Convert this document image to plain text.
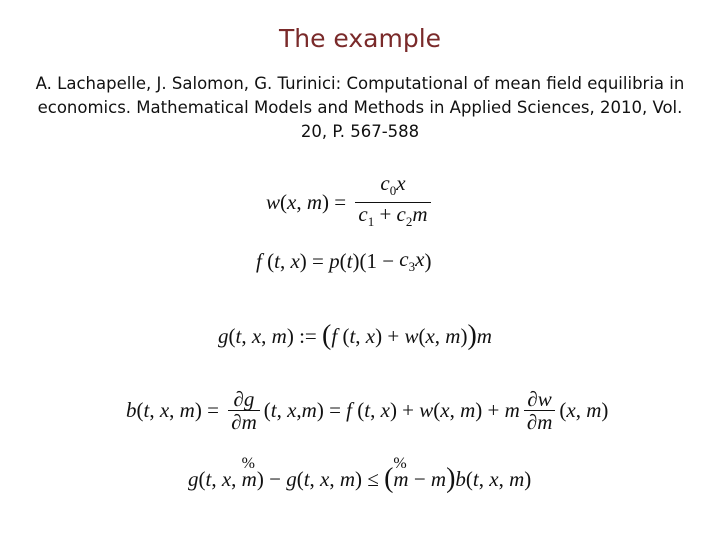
The example
A. Lachapelle, J. Salomon, G. Turinici: Computational of mean field equilibria in economics. Mathematical Models and Methods in Applied Sciences, 2010, Vol. 20, P. 567-588
w ( x , m ) = $\frac{c_0x}{c_1 + c_2m}$
f ( t , x ) = p ( t )($1 - c_3x$ )
g ( t , x , m ) := ( f ( t , x ) + w ( x , m ) ) m
b ( t , x , m ) = $\frac{\partial g}{\partial m}$ ( t , x , m ) = f ( t , x ) + w ( x , m ) + m $\frac{\partial w}{\partial m}$ ( x , m )
g ( t , x ,
%
m ) − g ( t , x , m ) ≤ ( %
m − m ) b ( t , x , m )
